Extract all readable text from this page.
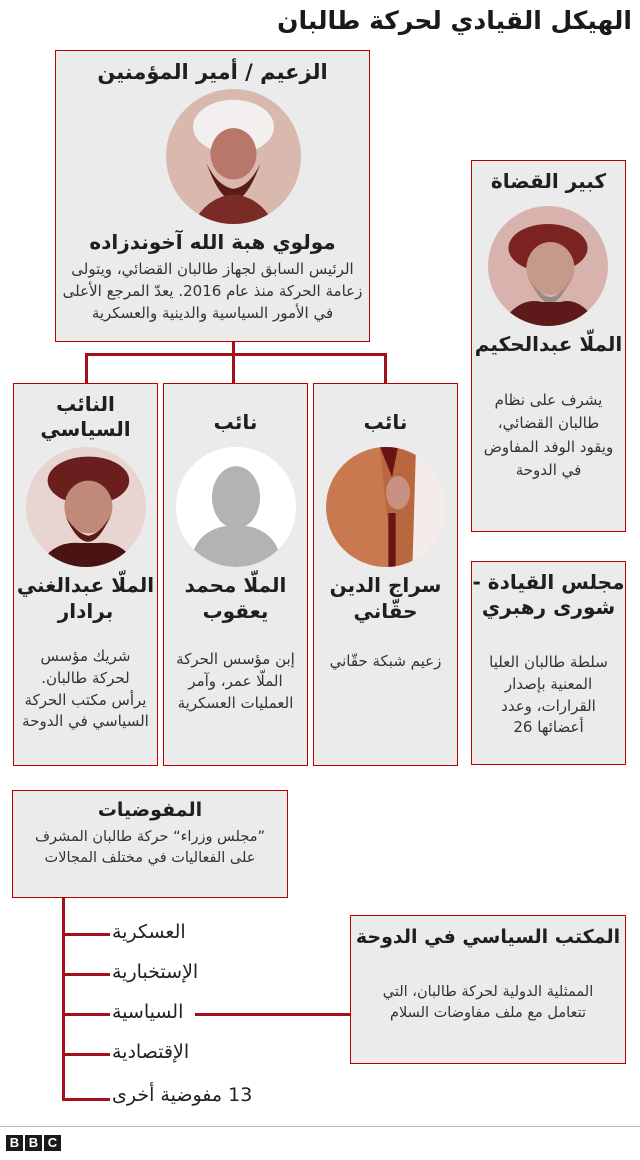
الهيكل القيادي لحركة طالبان
الزعيم / أمير المؤمنين
مولوي هبة الله آخوندزاده
الرئيس السابق لجهاز طالبان القضائي، ويتولى
زعامة الحركة منذ عام 2016. يعدّ المرجع الأعلى
في الأمور السياسية والدينية والعسكرية
كبير القضاة
الملّا عبدالحكيم
يشرف على نظام
طالبان القضائي،
ويقود الوفد المفاوض
في الدوحة
نائب
سراج الدين
حقّاني
زعيم شبكة حقّاني
نائب
الملّا محمد
يعقوب
إبن مؤسس الحركة
الملّا عمر، وآمر
العمليات العسكرية
النائب
السياسي
الملّا عبدالغني
برادار
شريك مؤسس
لحركة طالبان.
يرأس مكتب الحركة
السياسي في الدوحة
مجلس القيادة -
شورى رهبري
سلطة طالبان العليا
المعنية بإصدار
القرارات، وعدد
أعضائها 26
المفوضيات
”مجلس وزراء“ حركة طالبان المشرف
على الفعاليات في مختلف المجالات
العسكرية
الإستخبارية
السياسية
الإقتصادية
13 مفوضية أخرى
المكتب السياسي في الدوحة
الممثلية الدولية لحركة طالبان، التي
تتعامل مع ملف مفاوضات السلام
B B C
